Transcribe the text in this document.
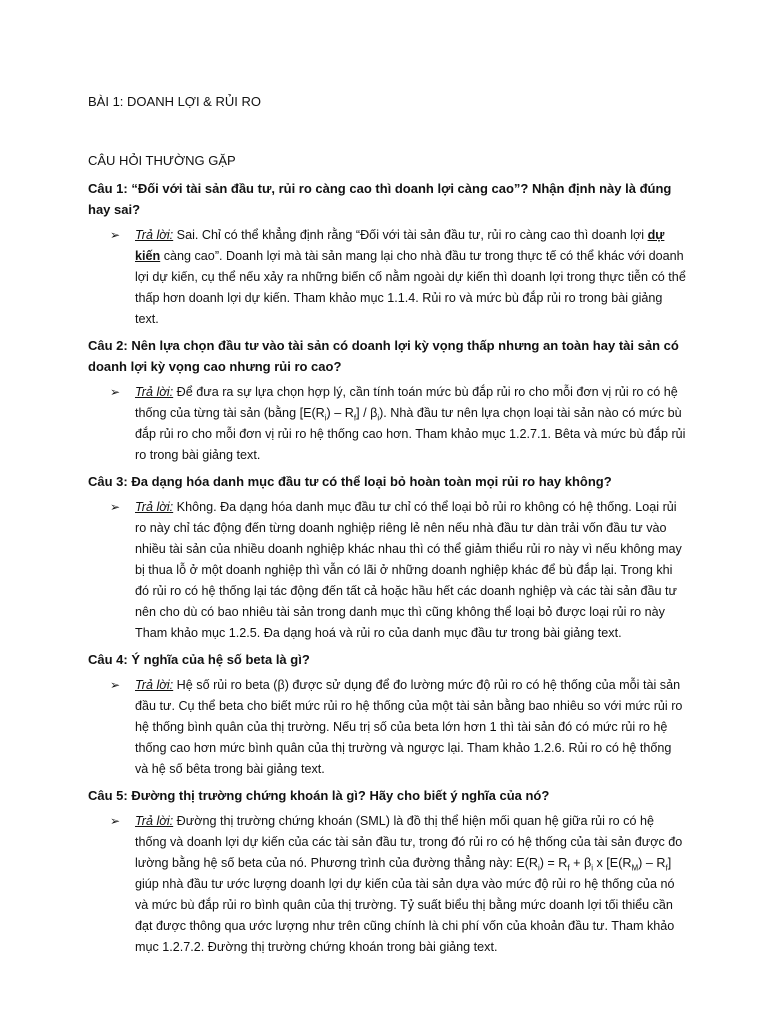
BÀI 1: DOANH LỢI & RỦI RO
CÂU HỎI THƯỜNG GẶP
Câu 1: “Đối với tài sản đầu tư, rủi ro càng cao thì doanh lợi càng cao”? Nhận định này là đúng hay sai?
➢	Trả lời: Sai. Chỉ có thể khẳng định rằng “Đối với tài sản đầu tư, rủi ro càng cao thì doanh lợi dự kiến càng cao”. Doanh lợi mà tài sản mang lại cho nhà đầu tư trong thực tế có thể khác với doanh lợi dự kiến, cụ thể nếu xảy ra những biến cố nằm ngoài dự kiến thì doanh lợi trong thực tiễn có thể thấp hơn doanh lợi dự kiến. Tham khảo mục 1.1.4. Rủi ro và mức bù đắp rủi ro trong bài giảng text.
Câu 2: Nên lựa chọn đầu tư vào tài sản có doanh lợi kỳ vọng thấp nhưng an toàn hay tài sản có doanh lợi kỳ vọng cao nhưng rủi ro cao?
➢	Trả lời: Để đưa ra sự lựa chọn hợp lý, cần tính toán mức bù đắp rủi ro cho mỗi đơn vị rủi ro có hệ thống của từng tài sản (bằng $[E(R_i) - R_f] / \beta_i$). Nhà đầu tư nên lựa chọn loại tài sản nào có mức bù đắp rủi ro cho mỗi đơn vị rủi ro hệ thống cao hơn. Tham khảo mục 1.2.7.1. Bêta và mức bù đắp rủi ro trong bài giảng text.
Câu 3: Đa dạng hóa danh mục đầu tư có thể loại bỏ hoàn toàn mọi rủi ro hay không?
➢	Trả lời: Không. Đa dạng hóa danh mục đầu tư chỉ có thể loại bỏ rủi ro không có hệ thống. Loại rủi ro này chỉ tác động đến từng doanh nghiệp riêng lẻ nên nếu nhà đầu tư dàn trải vốn đầu tư vào nhiều tài sản của nhiều doanh nghiệp khác nhau thì có thể giảm thiểu rủi ro này vì nếu không may bị thua lỗ ở một doanh nghiệp thì vẫn có lãi ở những doanh nghiệp khác để bù đắp lại. Trong khi đó rủi ro có hệ thống lại tác động đến tất cả hoặc hầu hết các doanh nghiệp và các tài sản đầu tư nên cho dù có bao nhiêu tài sản trong danh mục thì cũng không thể loại bỏ được loại rủi ro này Tham khảo mục 1.2.5. Đa dạng hoá và rủi ro của danh mục đầu tư trong bài giảng text.
Câu 4: Ý nghĩa của hệ số beta là gì?
➢	Trả lời: Hệ số rủi ro beta (β) được sử dụng để đo lường mức độ rủi ro có hệ thống của mỗi tài sản đầu tư. Cụ thể beta cho biết mức rủi ro hệ thống của một tài sản bằng bao nhiêu so với mức rủi ro hệ thống bình quân của thị trường. Nếu trị số của beta lớn hơn 1 thì tài sản đó có mức rủi ro hệ thống cao hơn mức bình quân của thị trường và ngược lại. Tham khảo 1.2.6. Rủi ro có hệ thống và hệ số bêta trong bài giảng text.
Câu 5: Đường thị trường chứng khoán là gì? Hãy cho biết ý nghĩa của nó?
➢	Trả lời: Đường thị trường chứng khoán (SML) là đồ thị thể hiện mối quan hệ giữa rủi ro có hệ thống và doanh lợi dự kiến của các tài sản đầu tư, trong đó rủi ro có hệ thống của tài sản được đo lường bằng hệ số beta của nó. Phương trình của đường thẳng này: $E(R_i) = R_f + \beta_i$ x $[E(R_M) - R_f]$ giúp nhà đầu tư ước lượng doanh lợi dự kiến của tài sản dựa vào mức độ rủi ro hệ thống của nó và mức bù đắp rủi ro bình quân của thị trường. Tỷ suất biểu thị bằng mức doanh lợi tối thiểu cần đạt được thông qua ước lượng như trên cũng chính là chi phí vốn của khoản đầu tư. Tham khảo mục 1.2.7.2. Đường thị trường chứng khoán trong bài giảng text.
